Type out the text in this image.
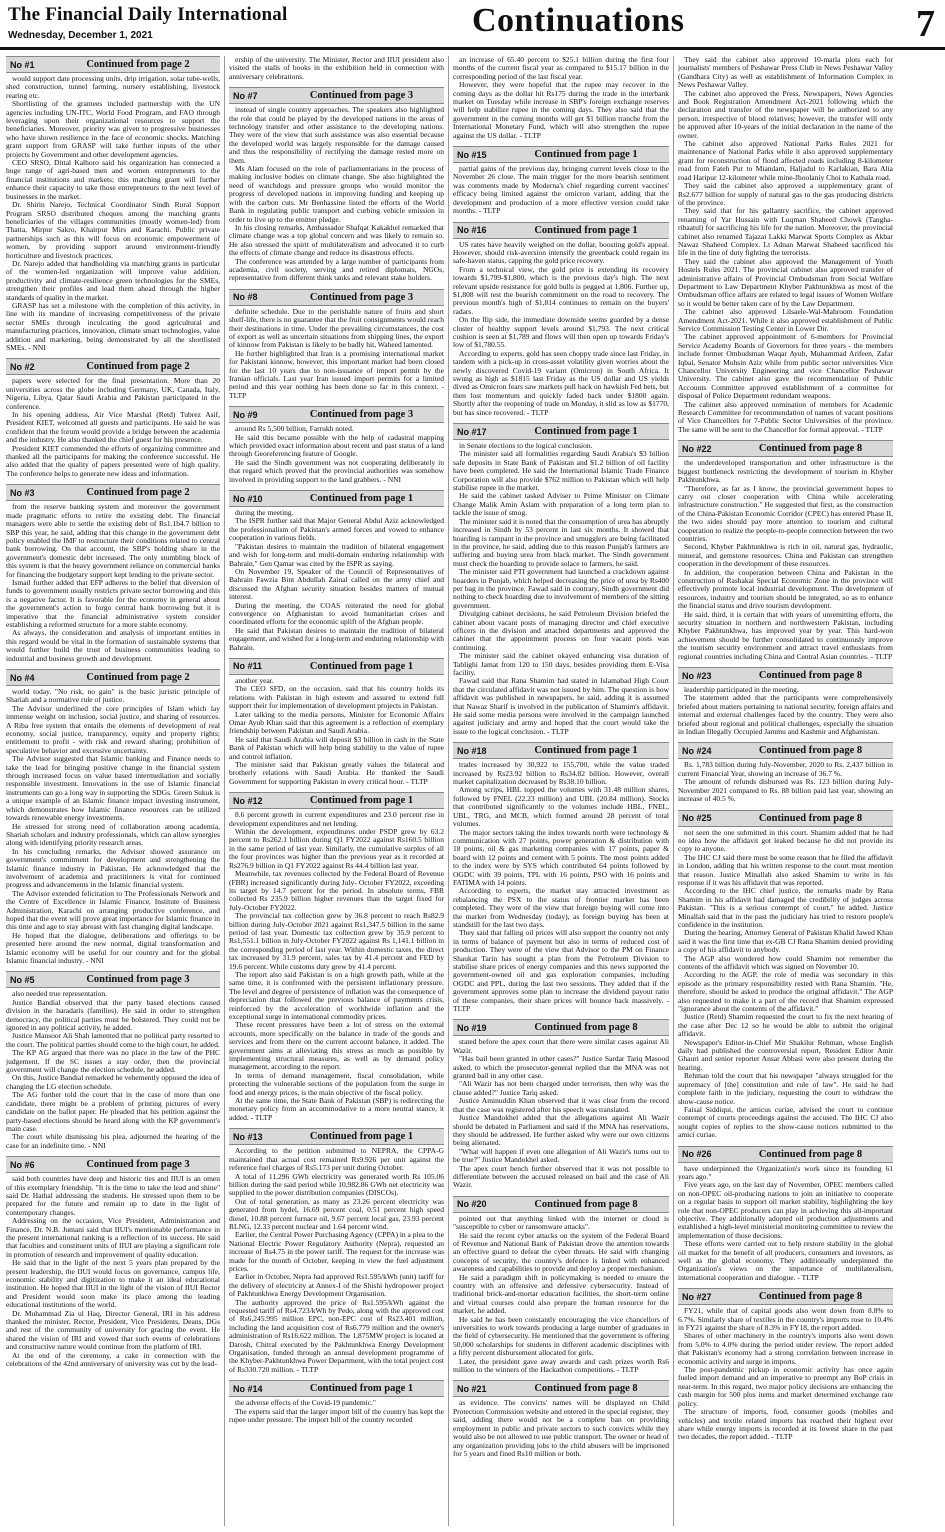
The Financial Daily International
Wednesday, December 1, 2021	Continuations	7
No #1	Continued from page 2

would support date processing units, drip irrigation, solar tube-wells, shed construction, tunnel farming, nursery establishing, livestock rearing etc.

Shortlisting of the grantees included partnership with the UN agencies including UN-ITC, World Food Program, and FAO through leveraging upon their organizational resources to support the beneficiaries. Moreover, priority was given to progressive businesses who have shown resilience in the face of economic shocks. Matching grant support from GRASP will take further inputs of the other projects by Government and other development agencies.

CEO SRSO, Dittal Kalhoro said his organization has connected a huge range of agri-based men and women entrepreneurs to the financial institutions and markets; this matching grant will further enhance their capacity to take those entrepreneurs to the next level of businesses in the market.

Dr. Shirin Narejo, Technical Coordinator Sindh Rural Support Program SRSO distributed cheques among the matching grants beneficiaries of the villages communities (mostly women-led) from Thatta, Mirpur Sakro, Khairpur Mirs and Karachi. Public private partnerships such as this will focus on economic empowerment of women, by providing support around environment-friendly horticulture and livestock practices.

Dr. Narejo added that handholding via matching grants in particular of the women-led organization will improve value addition, productivity and climate-resilience green technologies for the SMEs, strengthen their profiles and lead them ahead through the higher standards of quality in the market.

GRASP has set a milestone with the completion of this activity, in line with its mandate of increasing competitiveness of the private sector SMEs through inculcating the good agricultural and manufacturing practices, innovation, climate smart technologies, value addition and marketing, being demonstrated by all the shortlisted SMEs. - NNI

No #2	Continued from page 2

papers were selected for the final presentation. More than 20 universities across the globe including Germany, UK, Canada, Italy, Nigeria, Libya, Qatar Saudi Arabia and Pakistan participated in the conference.

In his opening address, Air Vice Marshal (Retd) Tubrez Asif, President KIET, welcomed all guests and participants. He said he was confident that the forum would provide a bridge between the academia and the industry. He also thanked the chief guest for his presence.

President KIET commended the efforts of organizing committee and thanked all the participants for making the conference successful. He also added that the quality of papers presented were of high quality. The conference helps to generate new ideas and information.

No #3	Continued from page 2

from the reserve banking system and moreover the government made pragmatic efforts to retire the existing debt. The financial managers were able to settle the existing debt of Rs1.1b4.7 billion to SBP this year, he said, adding that this change in the government debt policy enabled the IMF to restructure their conditions related to central bank borrowing. On that account, the SBP's holding share in the government's domestic debt increased. The only stumbling block of this system is that the heavy government reliance on commercial banks for financing the budgetary support kept lending to the private sector.

Ismail further added that EFP adheres to the belief that diversion of funds to government usually restricts private sector borrowing and this is a negative factor. It is favorable for the economy in general about the government's action to forgo central bank borrowing but it is imperative that the financial administrative system consider establishing a reformed structure for a more stable economy.

As always, the consideration and analysis of important entities in this regard would be vital in the formation of sustainable systems that would further build the trust of business communities leading to industrial and business growth and development.

No #4	Continued from page 2

world today. "No risk, no gain" is the basic juristic principle of Shariah and a normative rule of justice.

The Advisor underlined the core principles of Islam which lay immense weight on inclusion, social justice, and sharing of resources. A Riba free system that entails the elements of development of real economy, social justice, transparency, equity and property rights; entitlement to profit - with risk and reward sharing; prohibition of speculative behavior and excessive uncertainty.

The Advisor suggested that Islamic banking and Finance needs to take the lead for bringing positive change in the financial system through increased focus on value based intermediation and socially responsible investment. Innovations in the use of Islamic financial instruments can go a long way in supporting the SDGs. Green Sukuk is a unique example of an Islamic finance impact investing instrument, which demonstrates how Islamic finance resources can be utilized towards renewable energy investments.

He stressed for strong need of collaboration among academia, Shariah scholars and industry professionals, which can allow synergies along with identifying priority research areas.

In his concluding remarks, the Advisor showed assurance on government's commitment for development and strengthening the Islamic finance industry in Pakistan. He acknowledged that the involvement of academia and practitioners is vital for continued progress and advancements in the Islamic financial system.

The Advisor extended felicitation to The Professionals Network and the Centre of Excellence in Islamic Finance, Institute of Business Administration, Karachi on arranging productive conference, and hoped that the event will prove great importance for Islamic finance in this time and age to stay abreast with fast changing digital landscape.

He hoped that the dialogue, deliberations and offerings to be presented here around the new normal, digital transformation and Islamic economy will be useful for our country and for the global Islamic financial industry. - NNI

No #5	Continued from page 3

also needed true representation.

Justice Bandial observed that the party based elections caused division in the baradaris (families). He said in order to strengthen democracy, the political parties must be bolstered. They could not be ignored in any political activity, he added.

Justice Mansoor Ali Shah lamented that no political party resorted to the court. The political parties should come to the high court, he added.

The KP AG argued that there was no place in the law of the PHC judgement. If the SC issues a stay order, then the provincial government will change the election schedule, he added.

On this, Justice Bandial remarked he vehemently opposed the idea of changing the LG election schedule.

The AG further told the court that in the case of more than one candidate, there might be a problem of printing pictures of every candidate on the ballot paper. He pleaded that his petition against the party-based elections should be heard along with the KP government's main case.

The court while dismissing his plea, adjourned the hearing of the case for an indefinite time. - NNI

No #6	Continued from page 3

said both countries have deep and historic ties and IIUI is an omen of this exemplary friendship. "It is the time to take the lead and shine" said Dr. Hathal addressing the students. He stressed upon them to be prepared for the future and remain up to date in the light of contemporary changes.

Addressing on the occasion, Vice President, Administration and Finance, Dr. N.B. Jumani said that IIUI's mentionable performance in the present international ranking is a reflection of its success. He said that faculties and constituent units of IIUI are playing a significant role in promotion of research and improvement of quality education.

He said that in the light of the next 5 years plan prepared by the present leadership, the IIUI would focus on governance, campus life, economic stability and digitization to make it an ideal educational institution. He hoped that IIUI in the light of the vision of IIUI Rector and President would soon make its place among the leading educational institutions of the world.

Dr. Muhammad Zia ul Haq, Director General, IRI in his address thanked the minister, Rector, President, Vice Presidents, Deans, DGs and rest of the community of university for gracing the event. He shared the vision of IRI and vowed that such events of celebrations and constructive nature would continue from the platform of IRI.

At the end of the ceremony, a cake in connection with the celebrations of the 42nd anniversary of university was cut by the lead-

ership of the university. The Minister, Rector and IIUI president also visited the stalls of books in the exhibition held in connection with anniversary celebrations.

No #7	Continued from page 3

instead of single country approaches. The speakers also highlighted the role that could be played by the developed nations in the areas of technology transfer and other assistance to the developing nations. They were of the view that such assistance was also essential because the developed world was largely responsible for the damage caused and thus the responsibility of rectifying the damage rested more on them.

Ms Alam focused on the role of parliamentarians in the process of making inclusive bodies on climate change. She also highlighted the need of watchdogs and pressure groups who would monitor the progress of developed nations in improving funding and keeping up with the carbon cuts. Mr Benhassine listed the efforts of the World Bank in regulating public transport and curbing vehicle emission in order to live up to the emitter pledge.

In his closing remarks, Ambassador Shafqat Kakakhel remarked that climate change was a top global concern and was likely to remain so. He also stressed the spirit of multilateralism and advocated it to curb the effects of climate change and reduce its disastrous effects.

The conference was attended by a large number of participants from academia, civil society, serving and retired diplomats, NGOs, representative from different think tanks and relevant stake holders.

No #8	Continued from page 3

definite schedule. Due to the perishable nature of fruits and short shelf-life, there is no guarantee that the fruit consignments would reach their destinations in time. Under the prevailing circumstances, the cost of export as well as uncertain situations from shipping lines, the export of kinnow from Pakistan is likely to be badly hit, Waheed lamented.

He further highlighted that Iran is a promising international market for Pakistani kinnow, however, this important market had been closed for the last 10 years due to non-issuance of import permit by the Iranian officials. Last year Iran issued import permits for a limited period and this year nothing has been done so far in this context. - TLTP

No #9	Continued from page 3

around Rs 5,500 billion, Farrukh noted.

He said this became possible with the help of cadastral mapping which provided exact information about recent and past status of a land through Georeferencing feature of Google.

He said the Sindh government was not cooperating deliberately in that regard which proved that the provincial authorities was somehow involved in providing support to the land grabbers. - NNI

No #10	Continued from page 1

during the meeting.

The ISPR further said that Major General Abdul Aziz acknowledged the professionalism of Pakistan's armed forces and vowed to enhance cooperation in various fields.

"Pakistan desires to maintain the tradition of bilateral engagement and wish for long-term and multi-domain enduring relationship with Bahrain," Gen Qamar was cited by the ISPR as saying.

On November 19, Speaker of the Council of Representatives of Bahrain Fawzia Bint Abdullah Zainal called on the army chief and discussed the Afghan security situation besides matters of mutual interest.

During the meeting, the COAS reiterated the need for global convergence on Afghanistan to avoid humanitarian crises and coordinated efforts for the economic uplift of the Afghan people.

He said that Pakistan desires to maintain the tradition of bilateral engagement, and wished for a long-term and enduring relationship with Bahrain.

No #11	Continued from page 1

another year.

The CEO SFD, on the occasion, said that his country holds its relations with Pakistan in high esteem and assured to extend full support their for implementation of development projects in Pakistan.

Later talking to the media persons, Minister for Economic Affairs Omar Ayub Khan said that this agreement is a reflection of exemplary friendship between Pakistan and Saudi Arabia.

He said that Saudi Arabia will deposit $3 billion in cash in the State Bank of Pakistan which will help bring stability to the value of rupee and control inflation.

The minister said that Pakistan greatly values the bilateral and brotherly relations with Saudi Arabia. He thanked the Saudi Government for supporting Pakistan in every critical hour. - TLTP

No #12	Continued from page 1

8.6 percent growth in current expenditures and 23.0 percent rise in development expenditures and net lending.

Within the development, expenditures under PSDP grew by 63.2 percent to Rs262.1 billion during Q1 FY2022 against Rs160.5 billion in the same period of last year. Similarly, the cumulative surplus of all the four provinces was higher than the previous year as it recorded at Rs276.9 billion in Q1 FY2022 against Rs 44.4 billion last year.

Meanwhile, tax revenues collected by the Federal Board of Revenue (FBR) increased significantly during July- October FY2022, exceeding its target by 14.7 percent for the period. In absolute terms, FBR collected Rs 235.9 billion higher revenues than the target fixed for July-October FY2022.

The provincial tax collection grew by 36.8 percent to reach Rs82.9 billion during July-October 2021 against Rs1,347.5 billion in the same period of last year. Domestic tax collection grew by 35.9 percent to Rs1,551.1 billion in July-October FY2022 against Rs 1,141.1 billion in the corresponding period of last year. Within domestic taxes, the direct tax increased by 31.9 percent, sales tax by 41.4 percent and FED by 19.6 percent. While customs duty grew by 41.4 percent.

The report also said Pakistan is on a high growth path, while at the same time, it is confronted with the persistent inflationary pressure. The level and degree of persistence of inflation was the consequence of depreciation that followed the previous balance of payments crisis, reinforced by the acceleration of worldwide inflation and the exceptional surge in international commodity prices.

These recent pressures have been a lot of stress on the external accounts, more specifically on the balance in trade of the goods and services and from there on the current account balance, it added. The government aims at alleviating this stress as much as possible by implementing structural measures, as well as by demand policy management, according to the report.

In terms of demand management, fiscal consolidation, while protecting the vulnerable sections of the population from the surge in food and energy prices, is the main objective of the fiscal policy.

At the same time, the State Bank of Pakistan (SBP) is redirecting the monetary policy from an accommodative to a more neutral stance, it added. - TLTP

No #13	Continued from page 1

According to the petition submitted to NEPRA, the CPPA-G maintained that actual cost remained Rs9.926 per unit against the reference fuel charges of Rs5.173 per unit during October.

A total of 11,296 GWh electricity was generated worth Rs 105.06 billion during the said period while 10,982.86 GWh net electricity was supplied to the power distribution companies (DISCOs).

Out of total generation, as many as 23.26 percent electricity was generated from hydel, 16.69 percent coal, 0.51 percent high speed diesel, 10.88 percent furnace oil, 9.67 percent local gas, 23.93 percent RLNG, 12.33 percent nuclear and 1.64 percent wind.

Earlier, the Central Power Purchasing Agency (CPPA) in a plea to the National Electric Power Regulatory Authority (Nepra), requested an increase of Rs4.75 in the power tariff. The request for the increase was made for the month of October, keeping in view the fuel adjustment prices.

Earlier in October, Nepra had approved Rs1.595/kWh (unit) tariff for the delivery of electricity at Annex-I of the Shishi hydropower project of Pakhtunkhwa Energy Development Organisation.

The authority approved the price of Rs1.595/kWh against the requested tariff of Rs4.723/kWh by Pedo, along with the approved cost of Rs6,245.995 million EPC, non-EPC cost of Rs23.401 million, including the land acquisition cost of Rs6.779 million and the owner's administration of Rs16.622 million. The 1,875MW project is located at Darosh, Chitral executed by the Pakhtunkhwa Energy Development Organisation, funded through an annual development programme of the Khyber-Pakhtunkhwa Power Department, with the total project cost of Rs330.720 million. - TLTP

No #14	Continued from page 1

the adverse effects of the Covid-19 pandemic."

The experts said that the larger import bill of the country has kept the rupee under pressure. The import bill of the country recorded

an increase of 65.40 percent to $25.1 billion during the first four months of the current fiscal year as compared to $15.17 billion in the corresponding period of the last fiscal year.

However, they were hopeful that the rupee may recover in the coming days as the dollar hit Rs175 during the trade in the interbank market on Tuesday while increase in SBP's foreign exchange reserves will help stabilize rupee in the coming days. They also said that the government in the coming months will get $1 billion tranche from the International Monetary Fund, which will also strengthen the rupee against the US dollar. - TLTP

No #15	Continued from page 1

partial gains of the previous day, bringing current levels close to the November 26 close. The main trigger for the more bearish sentiment was comments made by Moderna's chief regarding current vaccines' efficacy being limited against the omicron variant, adding that the development and production of a more effective version could take months. - TLTP

No #16	Continued from page 1

US rates have heavily weighed on the dollar, boosting gold's appeal. However, should risk-aversion intensify the greenback could regain its safe-haven status, capping the gold price recovery.

From a technical view, the gold price is extending its recovery towards $1,799-$1,800, which is the previous day's high. The next relevant upside resistance for gold bulls is pegged at 1,806. Further up, $1,808 will test the bearish commitment on the road to recovery. The previous month's high of $1,814 continues to remain on the buyers' radars.

On the flip side, the immediate downside seems guarded by a dense cluster of healthy support levels around $1,793. The next critical cushion is seen at $1,789 and flows will then open up towards Friday's low of $1,780.55.

According to experts, gold has seen choppy trade since last Friday, in tandem with a pick-up in cross-asset volatility given worries about the newly discovered Covid-19 variant (Omicron) in South Africa. It swung as high as $1815 last Friday as the US dollar and US yields dived as Omicron fears saw markets pull back on hawkish Fed bets, but then lost momentum and quickly faded back under $1800 again. Shortly after the reopening of trade on Monday, it slid as low as $1770, but has since recovered. - TLTP

No #17	Continued from page 1

in Senate elections to the logical conclusion.

The minister said all formalities regarding Saudi Arabia's $3 billion safe deposits in State Bank of Pakistan and $1.2 billion of oil facility have been completed. He said the International Islamic Trade Finance Corporation will also provide $762 million to Pakistan which will help stabilise rupee in the market.

He said the cabinet tasked Adviser to Prime Minister on Climate Change Malik Amin Aslam with preparation of a long term plan to tackle the issue of smog.

The minister said it is noted that the consumption of urea has abruptly increased in Sindh by 53 percent in last six months. It showed that hoarding is rampant in the province and smugglers are being facilitated in the province, he said, adding due to this reason Punjab's farmers are suffering and buying urea from black market. The Sindh government must check the hoarding to provide solace to farmers, he said.

The minister said PTI government had launched a crackdown against hoarders in Punjab, which helped decreasing the price of urea by Rs400 per bag in the province. Fawad said in contrary, Sindh government did nothing to check hoarding due to involvement of members of the sitting government.

Divulging cabinet decisions, he said Petroleum Division briefed the cabinet about vacant posts of managing director and chief executive officers in the division and attached departments and approved the cabinet that the appointment process on four vacant posts was continuing.

The minister said the cabinet okayed enhancing visa duration of Tablighi Jamat from 120 to 150 days, besides providing them E-Visa facility.

Fawad said that Rana Shamim had stated in Islamabad High Court that the circulated affidavit was not issued by him. The question is how affidavit was published in newspapers, he said, adding it is assumed that Nawaz Sharif is involved in the publication of Shamim's affidavit. He said some media persons were involved in the campaign launched against judiciary and army and hoped that the court would take the issue to the logical conclusion. - TLTP

No #18	Continued from page 1

trades increased by 30,922 to 155,700, while the value traded increased by Rs23.92 billion to Rs34.82 billion. However, overall market capitalization decreased by Rs38.10 billion.

Among scrips, HBL topped the volumes with 31.48 million shares, followed by FNEL (22.23 million) and UBL (20.84 million). Stocks that contributed significantly to the volumes include HBL, FNEL, UBL, TRG, and MCB, which formed around 28 percent of total volumes.

The major sectors taking the index towards north were technology & communication with 27 points, power generation & distribution with 18 points, oil & gas marketing companies with 17 points, paper & board with 12 points and cement with 5 points. The most points added to the index were by SYS which contributed 64 points followed by OGDC with 39 points, TPL with 16 points, PSO with 16 points and FATIMA with 14 points.

According to experts, the market stay attracted investment as rebalancing the PSX to the status of frontier market has been completed. They were of the view that foreign buying will come into the market from Wednesday (today), as foreign buying has been at standstill for the last two days.

They said that falling oil prices will also support the country not only in terms of balance of payment but also in terms of reduced cost of production. They were of the view that Advisor to the PM on Finance Shaukat Tarin has sought a plan from the Petroleum Division to stabilise share prices of energy companies and this news supported the government-owned oil and gas exploration companies, including OGDC and PPL, during the last two sessions. They added that if the government approves some plan to increase the dividend payout ratio of these companies, their share prices will bounce back massively. - TLTP

No #19	Continued from page 8

stated before the apex court that there were similar cases against Ali Wazir.

"Has bail been granted in other cases?" Justice Sardar Tariq Masood asked, to which the prosecutor-general replied that the MNA was not granted bail in any other case.

"Ali Wazir has not been charged under terrorism, then why was the clause added?" Justice Tariq asked.

Justice Aminuddin Khan observed that it was clear from the record that the case was registered after his speech was translated.

Justice Mandokhel added that the allegations against Ali Wazir should be debated in Parliament and said if the MNA has reservations, they should be addressed. He further asked why were our own citizens being alienated.

"What will happen if even one allegation of Ali Wazir's turns out to be true?" Justice Mandokhel asked.

The apex court bench further observed that it was not possible to differentiate between the accused released on bail and the case of Ali Wazir.

No #20	Continued from page 8

pointed out that anything linked with the internet or cloud is "susceptible to cyber or ransomware attacks".

He said the recent cyber attacks on the system of the Federal Board of Revenue and National Bank of Pakistan drove the attention towards an effective guard to defeat the cyber threats. He said with changing concepts of security, the country's defence is linked with enhanced awareness and capabilities to provide and deploy a proper mechanism.

He said a paradigm shift in policymaking is needed to ensure the country with an offensive and defensive cybersecurity. Instead of traditional brick-and-mortar education facilities, the short-term online and virtual courses could also prepare the human resource for the market, he added.

He said he has been constantly encouraging the vice chancellors of universities to work towards producing a large number of graduates in the field of cybersecurity. He mentioned that the government is offering 50,000 scholarships for students in different academic disciplines with a fifty percent disbursement allocated for girls.

Later, the president gave away awards and cash prizes worth Rs6 million to the winners of the Hackathon competitions. - TLTP

No #21	Continued from page 8

as evidence. The convicts' names will be displayed on Child Protection Commission website and entered in the special register, they said, adding there would not be a complete ban on providing employment in public and private sectors to such convicts while they would also be not allowed to use public transport. The owner or head of any organization providing jobs to the child abusers will be imprisoned for 5 years and fined Rs10 million or both.

They said the cabinet also approved 10-marla plots each for journalists' members of Peshawar Press Club in News Peshawar Valley (Gandhara City) as well as establishment of Information Complex in News Peshawar Valley.

The cabinet also approved the Press, Newspapers, News Agencies and Book Registration Amendment Act-2021 following which the declaration and transfer of the newspaper will be authorized to any person, irrespective of blood relatives; however, the transfer will only be approved after 10-years of the initial declaration in the name of the owner.

The cabinet also approved National Parks Rules 2021 for maintenance of National Parks while it also approved supplementary grant for reconstruction of flood affected roads including 8-kilometer road from Fateh Pur to Miandam, Haljadul to Karlakian, Bara Alia road Haripur 12-kilometer while mine-Jhoolaniy Choi to Kathala road.

They said the cabinet also approved a supplementary grant of Rs2.677 billion for supply of natural gas to the gas producing districts of the province.

They said that for his gallantry sacrifice, the cabinet approved renaming of Yar Hussain with Luqman Shaheed Chowk (Tangha-ribaatul) for sacrificing his life for the nation. Moreover, the provincial cabinet also renamed Tajazai Lakki Marwat Sports Complex as Akbar Nawaz Shaheed Complex. Lt Adnan Marwat Shaheed sacrificed his life in the line of duty fighting the terrorists.

They said the cabinet also approved the Management of Youth Hostels Rules 2021. The provincial cabinet also approved transfer of administrative affairs of Provincial Ombudsman from Social Welfare Department to Law Department Khyber Pakhtunkhwa as most of the Ombudsman office affairs are related to legal issues of Women Welfare so it would be better taken care of by the Law Department.

The cabinet also approved Lilsaele-Wal-Mahroom Foundation Amendment Act-2021. While it also approved establishment of Public Service Commission Testing Center in Lower Dir.

The cabinet approved appointment of 6-members for Provincial Service Academy Boards of Governors for three years - the members include former Ombudsman Waqar Ayub, Muhammad Arifeen, Zafar Iqbal, Senator Mohsin Aziz while from public sector universities Vice Chancellor University Engineering and vice Chancellor Peshawar University. The cabinet also gave the recommendation of Public Accounts Committee approved establishment of a committee for disposal of Police Department redundant weapons.

The cabinet also approved nomination of members for Academic Research Committee for recommendation of names of vacant positions of Vice Chancellors for 7-Public Sector Universities of the province. The same will be sent to the Chancellor for formal approval. - TLTP

No #22	Continued from page 8

the underdeveloped transportation and other infrastructure is the biggest bottleneck restricting the development of tourism in Khyber Pakhtunkhwa.

"Therefore, as far as I know, the provincial government hopes to carry out closer cooperation with China while accelerating infrastructure construction." He suggested that first, as the construction of the China-Pakistan Economic Corridor (CPEC) has entered Phase II, the two sides should pay more attention to tourism and cultural cooperation to realize the people-to-people connection between the two countries.

Second, Khyber Pakhtunkhwa is rich in oil, natural gas, hydraulic, mineral, and gemstone resources. China and Pakistan can strengthen cooperation in the development of these resources.

In addition, the cooperation between China and Pakistan in the construction of Rashakai Special Economic Zone in the province will effectively promote local industrial development. The development of resources, industry and tourism should be integrated, so as to enhance the financial status and drive tourism development.

He said, third, it is certain that with years of unremitting efforts, the security situation in northern and northwestern Pakistan, including Khyber Pakhtunkhwa, has improved year by year. This hard-won achievement should be further consolidated to continuously improve the tourism security environment and attract travel enthusiasts from regional countries including China and Central Asian countries. - TLTP

No #23	Continued from page 8

leadership participated in the meeting.

The statement added that the participants were comprehensively briefed about matters pertaining to national security, foreign affairs and internal and external challenges faced by the country. They were also briefed about regional and political challenges, especially the situation in Indian Illegally Occupied Jammu and Kashmir and Afghanistan.

No #24	Continued from page 8

Rs. 1,783 billion during July-November, 2020 to Rs. 2,437 billion in current Financial Year, showing an increase of 36.7 %.

The amount of refunds disbursed was Rs. 123 billion during July- November 2021 compared to Rs. 88 billion paid last year, showing an increase of 40.5 %.

No #25	Continued from page 8

not seen the one submitted in this court. Shamim added that he had no idea how the affidavit got leaked because he did not provide its copy to anyone.

The IHC CJ said there must be some reason that he filed the affidavit in London, adding that his written response to the court must mention that reason. Justice Minallah also asked Shamim to write in his response if it was his affidavit that was reported.

According to the IHC chief justice, the remarks made by Rana Shamim in his affidavit had damaged the credibility of judges across Pakistan. "This is a serious contempt of court," he added. Justice Minallah said that in the past the judiciary has tried to restore people's confidence in the institution.

During the hearing, Attorney General of Pakistan Khalid Jawed Khan said it was the first time that ex-GB CJ Rana Shamim denied providing a copy of his affidavit to anybody.

The AGP also wondered how could Shamim not remember the contents of the affidavit which was signed on November 10.

According to the AGP, the role of media was secondary in this episode as the primary responsibility rested with Rana Shamim. "He, therefore, should be asked to produce the original affidavit." The AGP also requested to make it a part of the record that Shamim expressed "ignorance about the contents of the affidavit."

Justice (Retd) Shamim requested the court to fix the next hearing of the case after Dec 12 so he would be able to submit the original affidavit.

Newspaper's Editor-in-Chief Mir Shakilur Rehman, whose English daily had published the controversial report, Resident Editor Amir Ghauri and senior reporter Ansar Abbasi were also present during the hearing.

Rehman told the court that his newspaper "always struggled for the supremacy of [the] constitution and rule of law". He said he had complete faith in the judiciary, requesting the court to withdraw the show-cause notice.

Faisal Siddiqui, the amicus curiae, advised the court to continue contempt of courts proceedings against the accused. The IHC CJ also sought copies of replies to the show-cause notices submitted to the amici curiae.

No #26	Continued from page 8

have underpinned the Organization's work since its founding 61 years ago."

Five years ago, on the last day of November, OPEC members called on non-OPEC oil-producing nations to join an initiative to cooperate on a regular basis to support oil market stability, highlighting the key role that non-OPEC producers can play in achieving this all-important objective. They additionally adopted oil production adjustments and established a high-level ministerial monitoring committee to review the implementation of those decisions.

These efforts were carried out to help restore stability in the global oil market for the benefit of all producers, consumers and investors, as well as the global economy. They additionally underpinned the Organization's views on the importance of multilateralism, international cooperation and dialogue. - TLTP

No #27	Continued from page 8

FY21, while that of capital goods also went down from 8.8% to 6.7%. Similarly share of textiles in the country's imports rose to 10.4% in FY21 against the share of 8.3% in FY18, the report added.

Shares of other machinery in the country's imports also went down from 5.0% to 4.0% during the period under review. The report added that Pakistan's economy had a strong correlation between increase in economic activity and surge in imports.

The post-pandemic pickup in economic activity has once again fueled import demand and an imperative to preempt any BoP crisis in near-term. In this regard, two major policy decisions are enhancing the cash margin for 500 plus items and market determined exchange rate policy.

The structure of imports, food, consumer goods (mobiles and vehicles) and textile related imports has reached their highest ever share while energy imports is recorded at its lowest share in the past two decades, the report added. - TLTP
